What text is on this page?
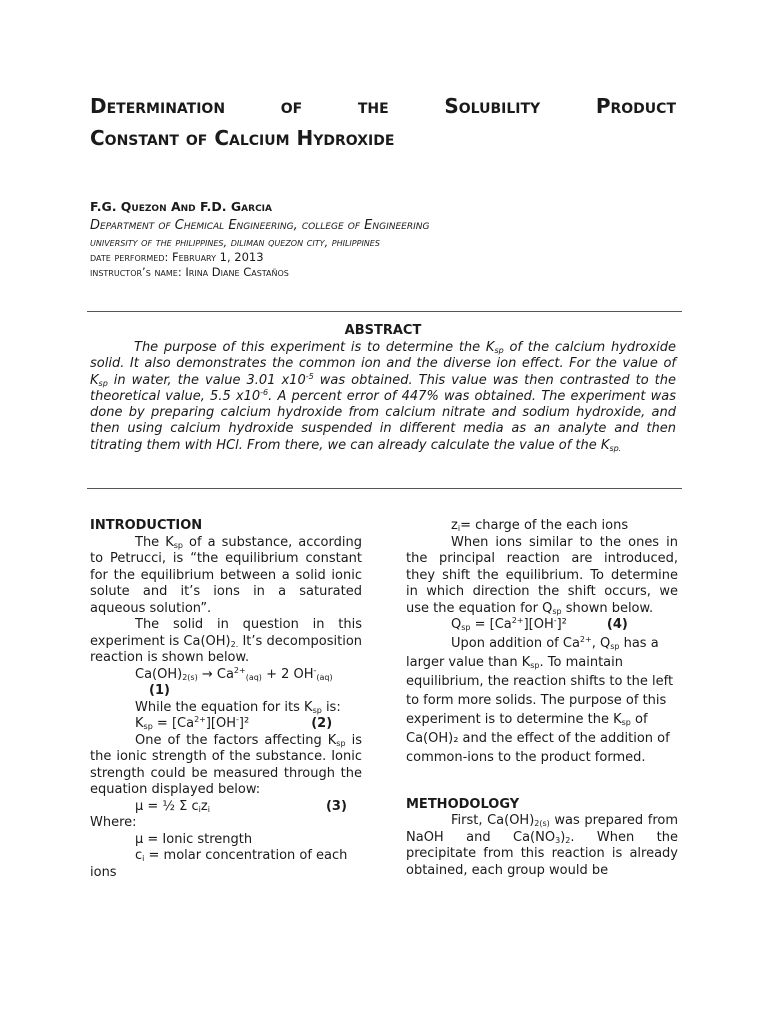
Determination	of	the	Solubility	Product
Constant of Calcium Hydroxide
F.G. Quezon And F.D. Garcia
Department of Chemical Engineering, college of Engineering
university of the philippines, diliman quezon city, philippines
date performed: February 1, 2013
instructor’s name: Irina Diane Castaños
ABSTRACT

The purpose of this experiment is to determine the $K_{sp}$ of the calcium hydroxide solid. It also demonstrates the common ion and the diverse ion effect. For the value of $K_{sp}$ in water, the value 3.01 $x10^{-5}$ was obtained. This value was then contrasted to the theoretical value, 5.5 $x10^{-6}$. A percent error of 447% was obtained. The experiment was done by preparing calcium hydroxide from calcium nitrate and sodium hydroxide, and then using calcium hydroxide suspended in different media as an analyte and then titrating them with HCl. From there, we can already calculate the value of the $K_{sp.}$

INTRODUCTION

The $K_{sp}$ of a substance, according to Petrucci, is “the equilibrium constant for the equilibrium between a solid ionic solute and it’s ions in a saturated aqueous solution”.

The solid in question in this experiment is $Ca(OH)_{2.}$ It’s decomposition reaction is shown below.

$Ca(OH)_{2(s)} \to Ca^{2+}_{(aq)} + 2$ $OH^-_{(aq)}$
(1)

While the equation for its $K_{sp}$ is:

$K_{sp} = [Ca^{2+}][OH^-]^2$	(2)

One of the factors affecting $K_{sp}$ is the ionic strength of the substance. Ionic strength could be measured through the equation displayed below:

μ = ½ Σ $c_iz_i$	(3)

Where:

μ = Ionic strength

$c_i$ = molar concentration of each ions

$z_i=$ charge of the each ions

When ions similar to the ones in the principal reaction are introduced, they shift the equilibrium. To determine in which direction the shift occurs, we use the equation for $Q_{sp}$ shown below.

$Q_{sp} = [Ca^{2+}][OH^-]^2$	(4)

Upon addition of $Ca^{2+}$, $Q_{sp}$ has a larger value than $K_{sp}$. To maintain equilibrium, the reaction shifts to the left to form more solids. The purpose of this experiment is to determine the $K_{sp}$ of Ca(OH)₂ and the effect of the addition of common-ions to the product formed.

METHODOLOGY

First, $Ca(OH)_{2(s)}$ was prepared from NaOH and $Ca(NO_3)_2$. When the precipitate from this reaction is already obtained, each group would be
